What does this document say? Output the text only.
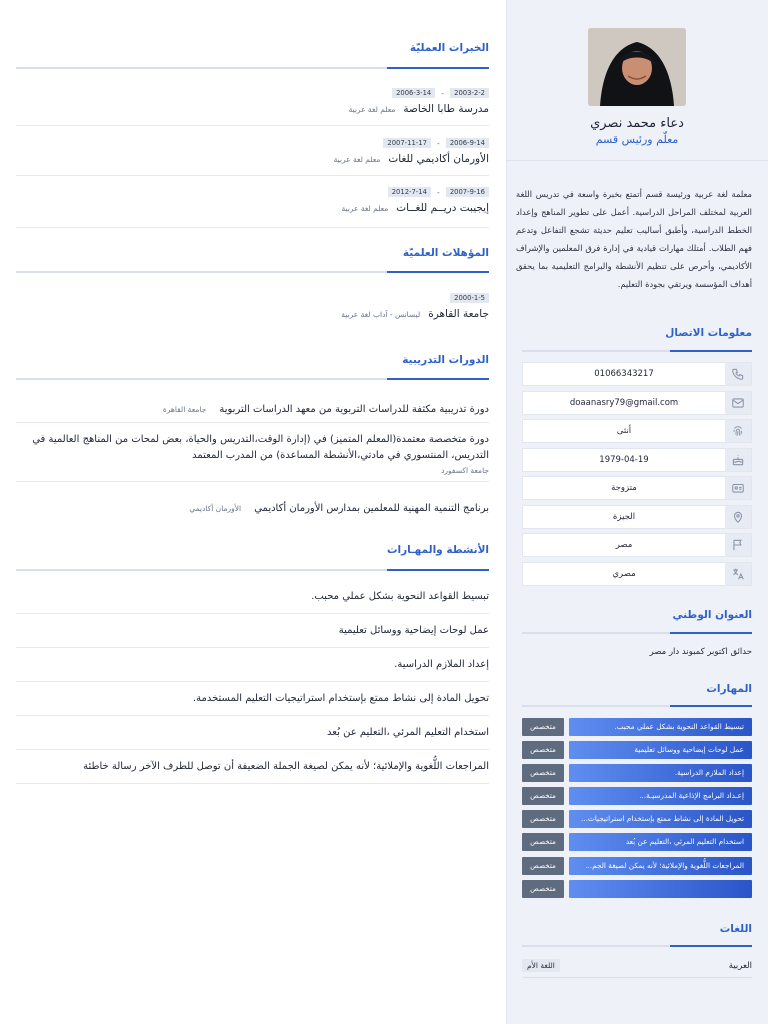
دعاء محمد نصري
معلّم ورئيس قسم
معلمة لغة عربية ورئيسة قسم أتمتع بخبرة واسعة في تدريس اللغة العربية لمختلف المراحل الدراسية. أعمل على تطوير المناهج وإعداد الخطط الدراسية، وأطبق أساليب تعليم حديثة تشجع التفاعل وتدعم فهم الطلاب. أمتلك مهارات قيادية في إدارة فرق المعلمين والإشراف الأكاديمي، وأحرص على تنظيم الأنشطة والبرامج التعليمية بما يحقق أهداف المؤسسة ويرتقي بجودة التعليم.
معلومات الاتصال
01066343217
doaanasry79@gmail.com
أنثى
1979-04-19
متزوجة
الجيزة
مصر
مصري
العنوان الوطني
حدائق اكتوبر كمبوند دار مصر
المهارات
تبسيط القواعد النحوية بشكل عملي محبب.
متخصص
عمل لوحات إيضاحية ووسائل تعليمية
متخصص
إعداد الملازم الدراسية.
متخصص
إعـداد البرامج الإذاعية المدرسيـة...
متخصص
تحويل المادة إلى نشاط ممتع بإستخدام استراتيجيات...
متخصص
استخدام التعليم المرئي ،التعليم عن بُعد
متخصص
المراجعات اللُّغوية والإملائية؛ لأنه يمكن لصيغة الجم...
متخصص
متخصص
اللغات
العربية
اللغة الأم
الخبرات العمليّة
2003-2-2
-
2006-3-14
مدرسة طابا الخاصة
معلم لغة عربية
2006-9-14
-
2007-11-17
الأورمان أكاديمي للغات
معلم لغة عربية
2007-9-16
-
2012-7-14
إيجيبت دريــم للغــات
معلم لغة عربية
المؤهلات العلميّة
2000-1-5
جامعة القاهرة
ليسانس - آداب لغة عربية
الدورات التدريبية
دورة تدريبية مكثفة للدراسات التربوية من معهد الدراسات التربوية جامعة القاهرة
دورة متخصصة معتمدة(المعلم المتميز) في (إدارة الوقت،التدريس والحياة، بعض لمحات من المناهج العالمية في التدريس، المنتسوري في مادتي،الأنشطة المساعدة) من المدرب المعتمد
جامعة اكسفورد
برنامج التنمية المهنية للمعلمين بمدارس الأورمان أكاديمي الأورمان أكاديمي
الأنشطة والمهـارات
تبسيط القواعد النحوية بشكل عملي محبب.
عمل لوحات إيضاحية ووسائل تعليمية
إعداد الملازم الدراسية.
تحويل المادة إلى نشاط ممتع بإستخدام استراتيجيات التعليم المستخدمة.
استخدام التعليم المرئي ،التعليم عن بُعد
المراجعات اللُّغوية والإملائية؛ لأنه يمكن لصيغة الجملة الضعيفة أن توصل للطرف الآخر رسالة خاطئة
